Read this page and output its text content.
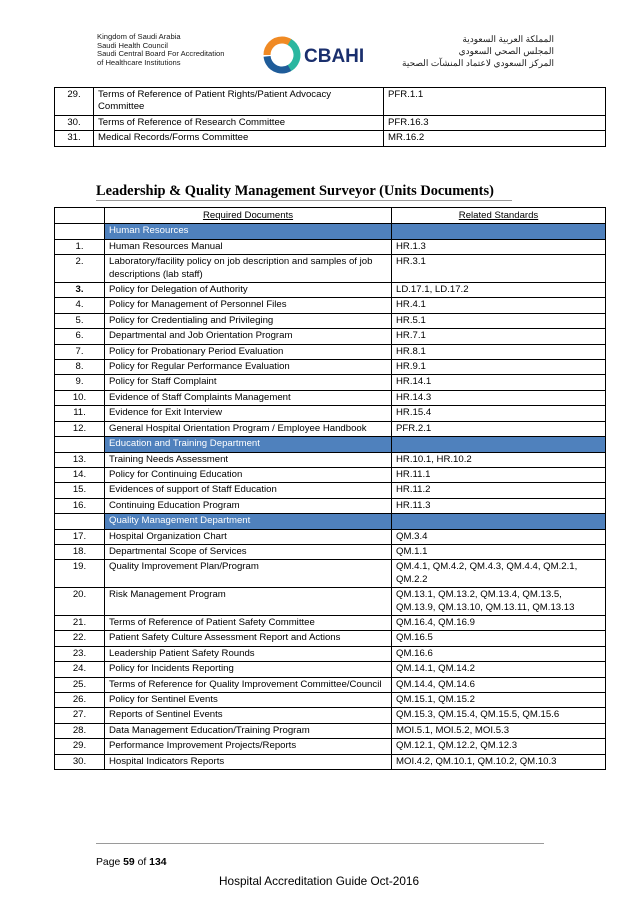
Kingdom of Saudi Arabia
Saudi Health Council
Saudi Central Board For Accreditation
of Healthcare Institutions	CBAHI
المملكة العربية السعودية
المجلس الصحي السعودي
المركز السعودي لاعتماد المنشآت الصحية
29.	Terms of Reference of Patient Rights/Patient Advocacy Committee	PFR.1.1
30.	Terms of Reference of Research Committee	PFR.16.3
31.	Medical Records/Forms Committee	MR.16.2
Leadership & Quality Management Surveyor (Units Documents)
	Required Documents	Related Standards
	Human Resources	
1.	Human Resources Manual	HR.1.3
2.	Laboratory/facility policy on job description and samples of job descriptions (lab staff)	HR.3.1
3.	Policy for Delegation of Authority	LD.17.1, LD.17.2
4.	Policy for Management of Personnel Files	HR.4.1
5.	Policy for Credentialing and Privileging	HR.5.1
6.	Departmental and Job Orientation Program	HR.7.1
7.	Policy for Probationary Period Evaluation	HR.8.1
8.	Policy for Regular Performance Evaluation	HR.9.1
9.	Policy for Staff Complaint	HR.14.1
10.	Evidence of Staff Complaints Management	HR.14.3
11.	Evidence for Exit Interview	HR.15.4
12.	General Hospital Orientation Program / Employee Handbook	PFR.2.1
	Education and Training Department	
13.	Training Needs Assessment	HR.10.1, HR.10.2
14.	Policy for Continuing Education	HR.11.1
15.	Evidences of support of Staff Education	HR.11.2
16.	Continuing Education Program	HR.11.3
	Quality Management Department	
17.	Hospital Organization Chart	QM.3.4
18.	Departmental Scope of Services	QM.1.1
19.	Quality Improvement Plan/Program	QM.4.1, QM.4.2, QM.4.3, QM.4.4, QM.2.1, QM.2.2
20.	Risk Management Program	QM.13.1, QM.13.2, QM.13.4, QM.13.5, QM.13.9, QM.13.10, QM.13.11, QM.13.13
21.	Terms of Reference of Patient Safety Committee	QM.16.4, QM.16.9
22.	Patient Safety Culture Assessment Report and Actions	QM.16.5
23.	Leadership Patient Safety Rounds	QM.16.6
24.	Policy for Incidents Reporting	QM.14.1, QM.14.2
25.	Terms of Reference for Quality Improvement Committee/Council	QM.14.4, QM.14.6
26.	Policy for Sentinel Events	QM.15.1, QM.15.2
27.	Reports of Sentinel Events	QM.15.3, QM.15.4, QM.15.5, QM.15.6
28.	Data Management Education/Training Program	MOI.5.1, MOI.5.2, MOI.5.3
29.	Performance Improvement Projects/Reports	QM.12.1, QM.12.2, QM.12.3
30.	Hospital Indicators Reports	MOI.4.2, QM.10.1, QM.10.2, QM.10.3
Page 59 of 134
Hospital Accreditation Guide Oct-2016
